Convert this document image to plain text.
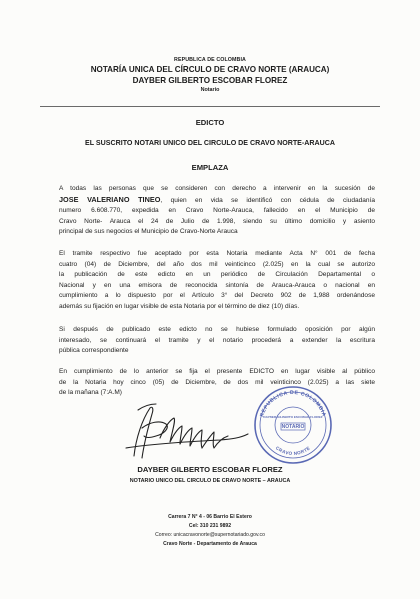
REPUBLICA DE COLOMBIA
NOTARÍA UNICA DEL CÍRCULO DE CRAVO NORTE (ARAUCA)
DAYBER GILBERTO ESCOBAR FLOREZ
Notario
EDICTO
EL SUSCRITO NOTARI UNICO DEL CIRCULO DE CRAVO NORTE-ARAUCA
EMPLAZA
A todas las personas que se consideren con derecho a intervenir en la sucesión de
JOSE VALERIANO TINEO, quien en vida se identificó con cédula de ciudadanía
numero 6.608.770, expedida en Cravo Norte-Arauca, fallecido en el Municipio de
Cravo Norte- Arauca el 24 de Julio de 1.998, siendo su último domicilio y asiento
principal de sus negocios el Municipio de Cravo-Norte Arauca
El tramite respectivo fue aceptado por esta Notaria mediante Acta N° 001 de fecha
cuatro (04) de Diciembre, del año dos mil veinticinco (2.025) en la cual se autorizo
la publicación de este edicto en un periódico de Circulación Departamental o
Nacional y en una emisora de reconocida sintonía de Arauca-Arauca o nacional en
cumplimiento a lo dispuesto por el Artículo 3° del Decreto 902 de 1,988 ordenándose
además su fijación en lugar visible de esta Notaria por el término de diez (10) días.
Si después de publicado este edicto no se hubiese formulado oposición por algún
interesado, se continuará el tramite y el notario procederá a extender la escritura
pública correspondiente
En cumplimiento de lo anterior se fija el presente EDICTO en lugar visible al público
de la Notaria hoy cinco (05) de Diciembre, de dos mil veinticinco (2.025) a las siete
de la mañana (7:A.M)
REPUBLICA DE COLOMBIA
CRAVO NORTE
DAYBER GILBERTO ESCOBAR FLOREZ
NOTARIO
DAYBER GILBERTO ESCOBAR FLOREZ
NOTARIO UNICO DEL CIRCULO DE CRAVO NORTE – ARAUCA
Carrera 7 N° 4 - 06 Barrio El Estero
Cel: 310 231 9892
Correo: unicacravonorte@supernotariado.gov.co
Cravo Norte - Departamento de Arauca
